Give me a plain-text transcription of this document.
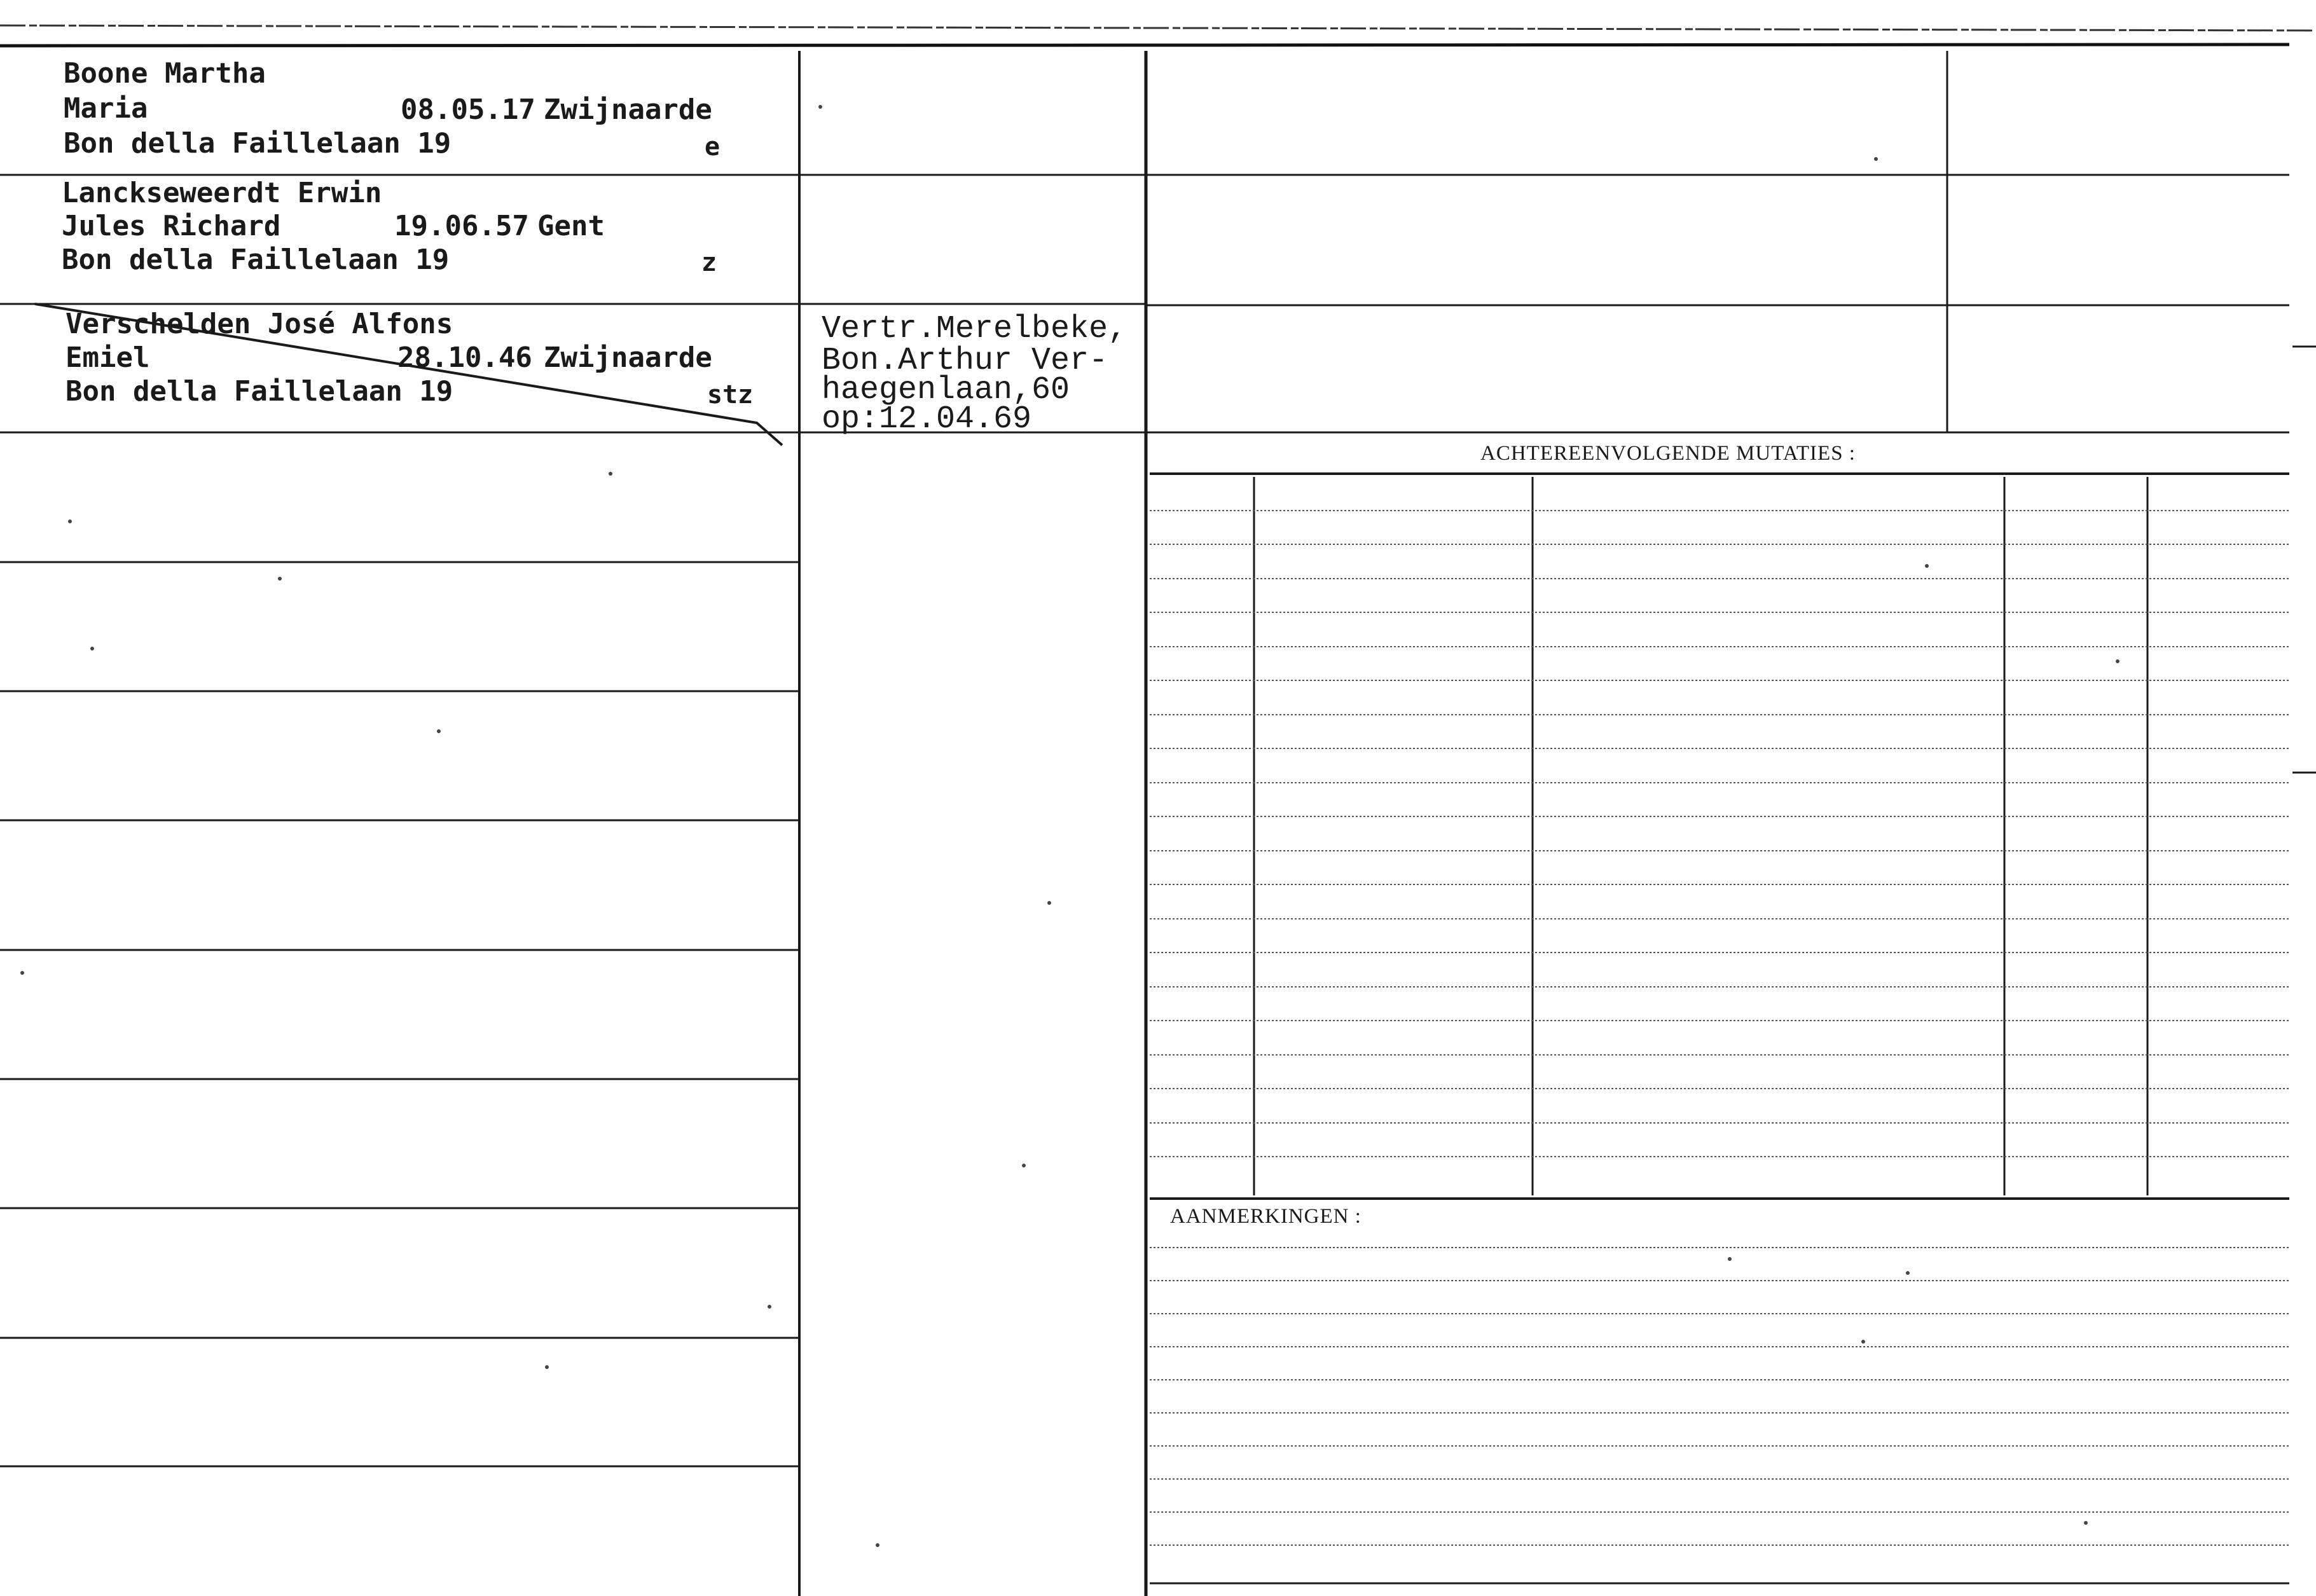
Boone Martha
Maria	08.05.17 Zwijnaarde
Bon della Faillelaan 19	e
Lanckseweerdt Erwin
Jules Richard	19.06.57 Gent
Bon della Faillelaan 19	z
Verschelden José Alfons
Emiel	28.10.46 Zwijnaarde
Bon della Faillelaan 19	stz
Vertr.Merelbeke,
Bon.Arthur Ver-
haegenlaan,60
op:12.04.69
ACHTEREENVOLGENDE MUTATIES :
AANMERKINGEN :
